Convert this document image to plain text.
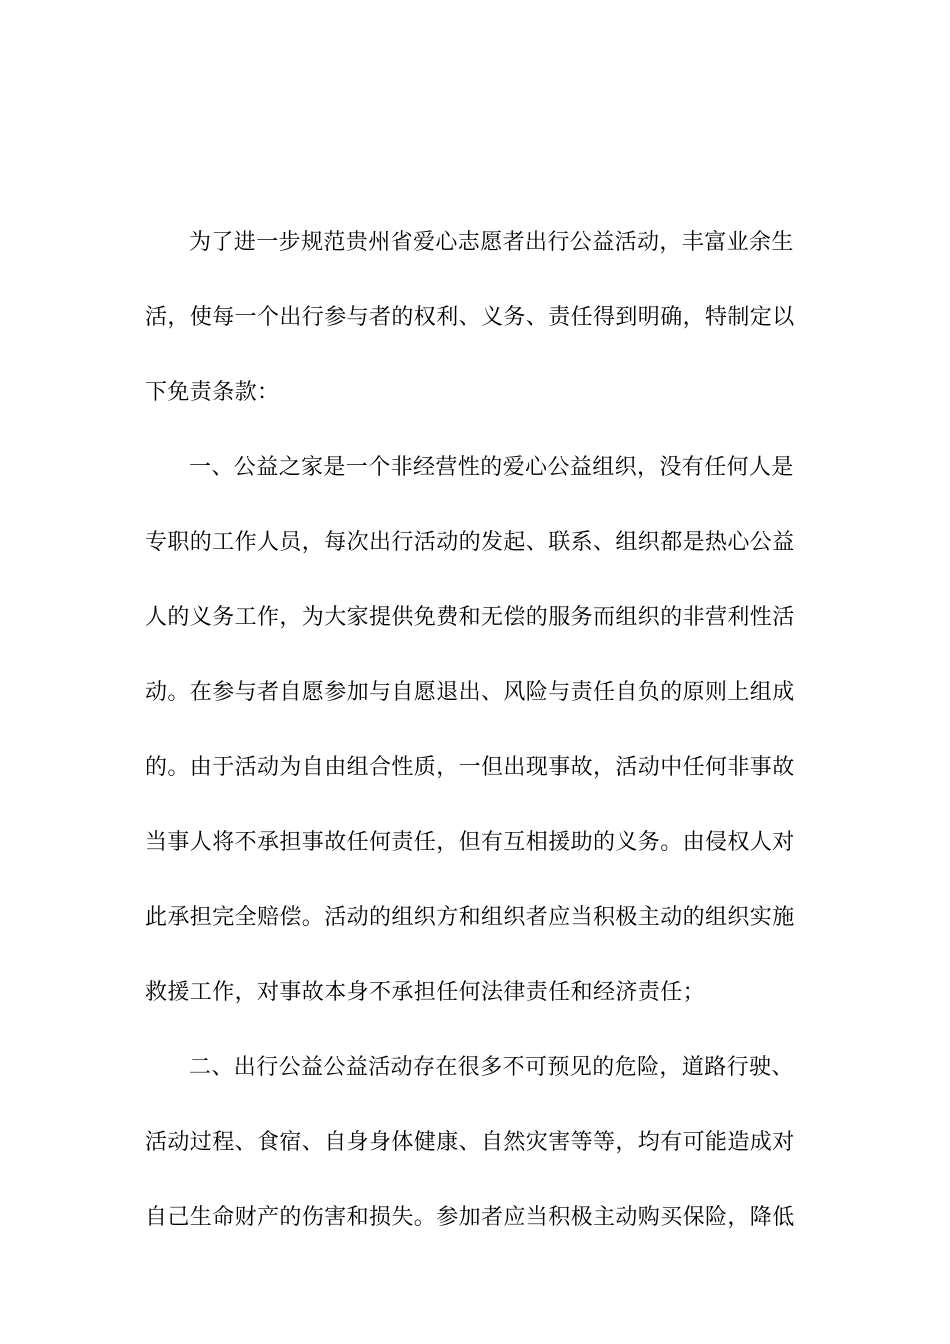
为了进一步规范贵州省爱心志愿者出行公益活动，丰富业余生
活，使每一个出行参与者的权利、义务、责任得到明确，特制定以
下免责条款：

一、公益之家是一个非经营性的爱心公益组织，没有任何人是
专职的工作人员，每次出行活动的发起、联系、组织都是热心公益
人的义务工作，为大家提供免费和无偿的服务而组织的非营利性活
动。在参与者自愿参加与自愿退出、风险与责任自负的原则上组成
的。由于活动为自由组合性质，一但出现事故，活动中任何非事故
当事人将不承担事故任何责任，但有互相援助的义务。由侵权人对
此承担完全赔偿。活动的组织方和组织者应当积极主动的组织实施
救援工作，对事故本身不承担任何法律责任和经济责任；

二、出行公益公益活动存在很多不可预见的危险，道路行驶、
活动过程、食宿、自身身体健康、自然灾害等等，均有可能造成对
自己生命财产的伤害和损失。参加者应当积极主动购买保险，降低
